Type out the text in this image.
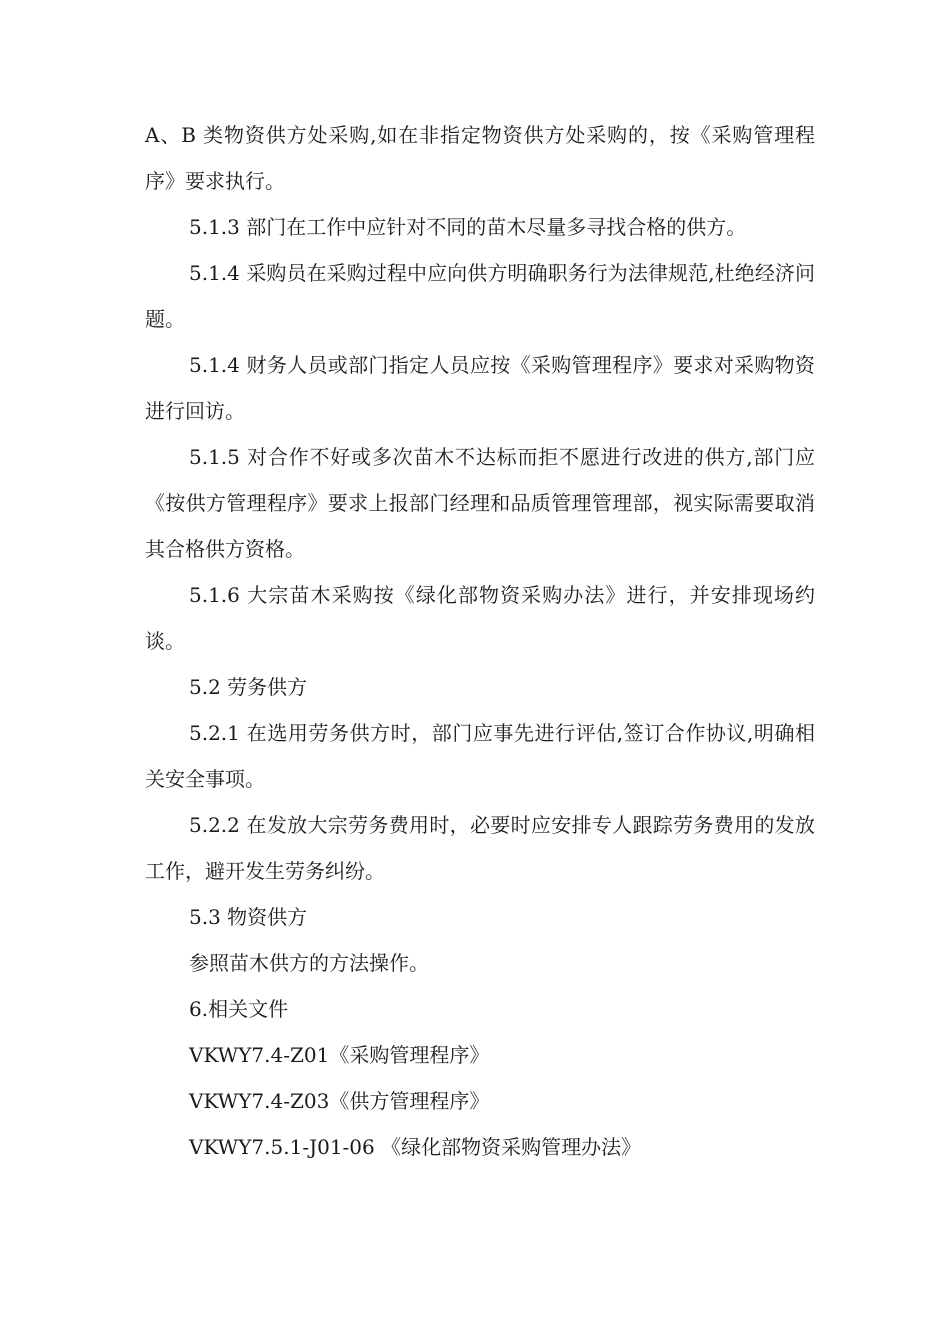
A、B 类物资供方处采购,如在非指定物资供方处采购的，按《采购管理程序》要求执行。

5.1.3 部门在工作中应针对不同的苗木尽量多寻找合格的供方。

5.1.4 采购员在采购过程中应向供方明确职务行为法律规范,杜绝经济问题。

5.1.4 财务人员或部门指定人员应按《采购管理程序》要求对采购物资进行回访。

5.1.5 对合作不好或多次苗木不达标而拒不愿进行改进的供方,部门应《按供方管理程序》要求上报部门经理和品质管理管理部，视实际需要取消其合格供方资格。

5.1.6 大宗苗木采购按《绿化部物资采购办法》进行，并安排现场约谈。

5.2 劳务供方

5.2.1 在选用劳务供方时，部门应事先进行评估,签订合作协议,明确相关安全事项。

5.2.2 在发放大宗劳务费用时，必要时应安排专人跟踪劳务费用的发放工作，避开发生劳务纠纷。

5.3 物资供方

参照苗木供方的方法操作。

6.相关文件

VKWY7.4-Z01《采购管理程序》

VKWY7.4-Z03《供方管理程序》

VKWY7.5.1-J01-06 《绿化部物资采购管理办法》
